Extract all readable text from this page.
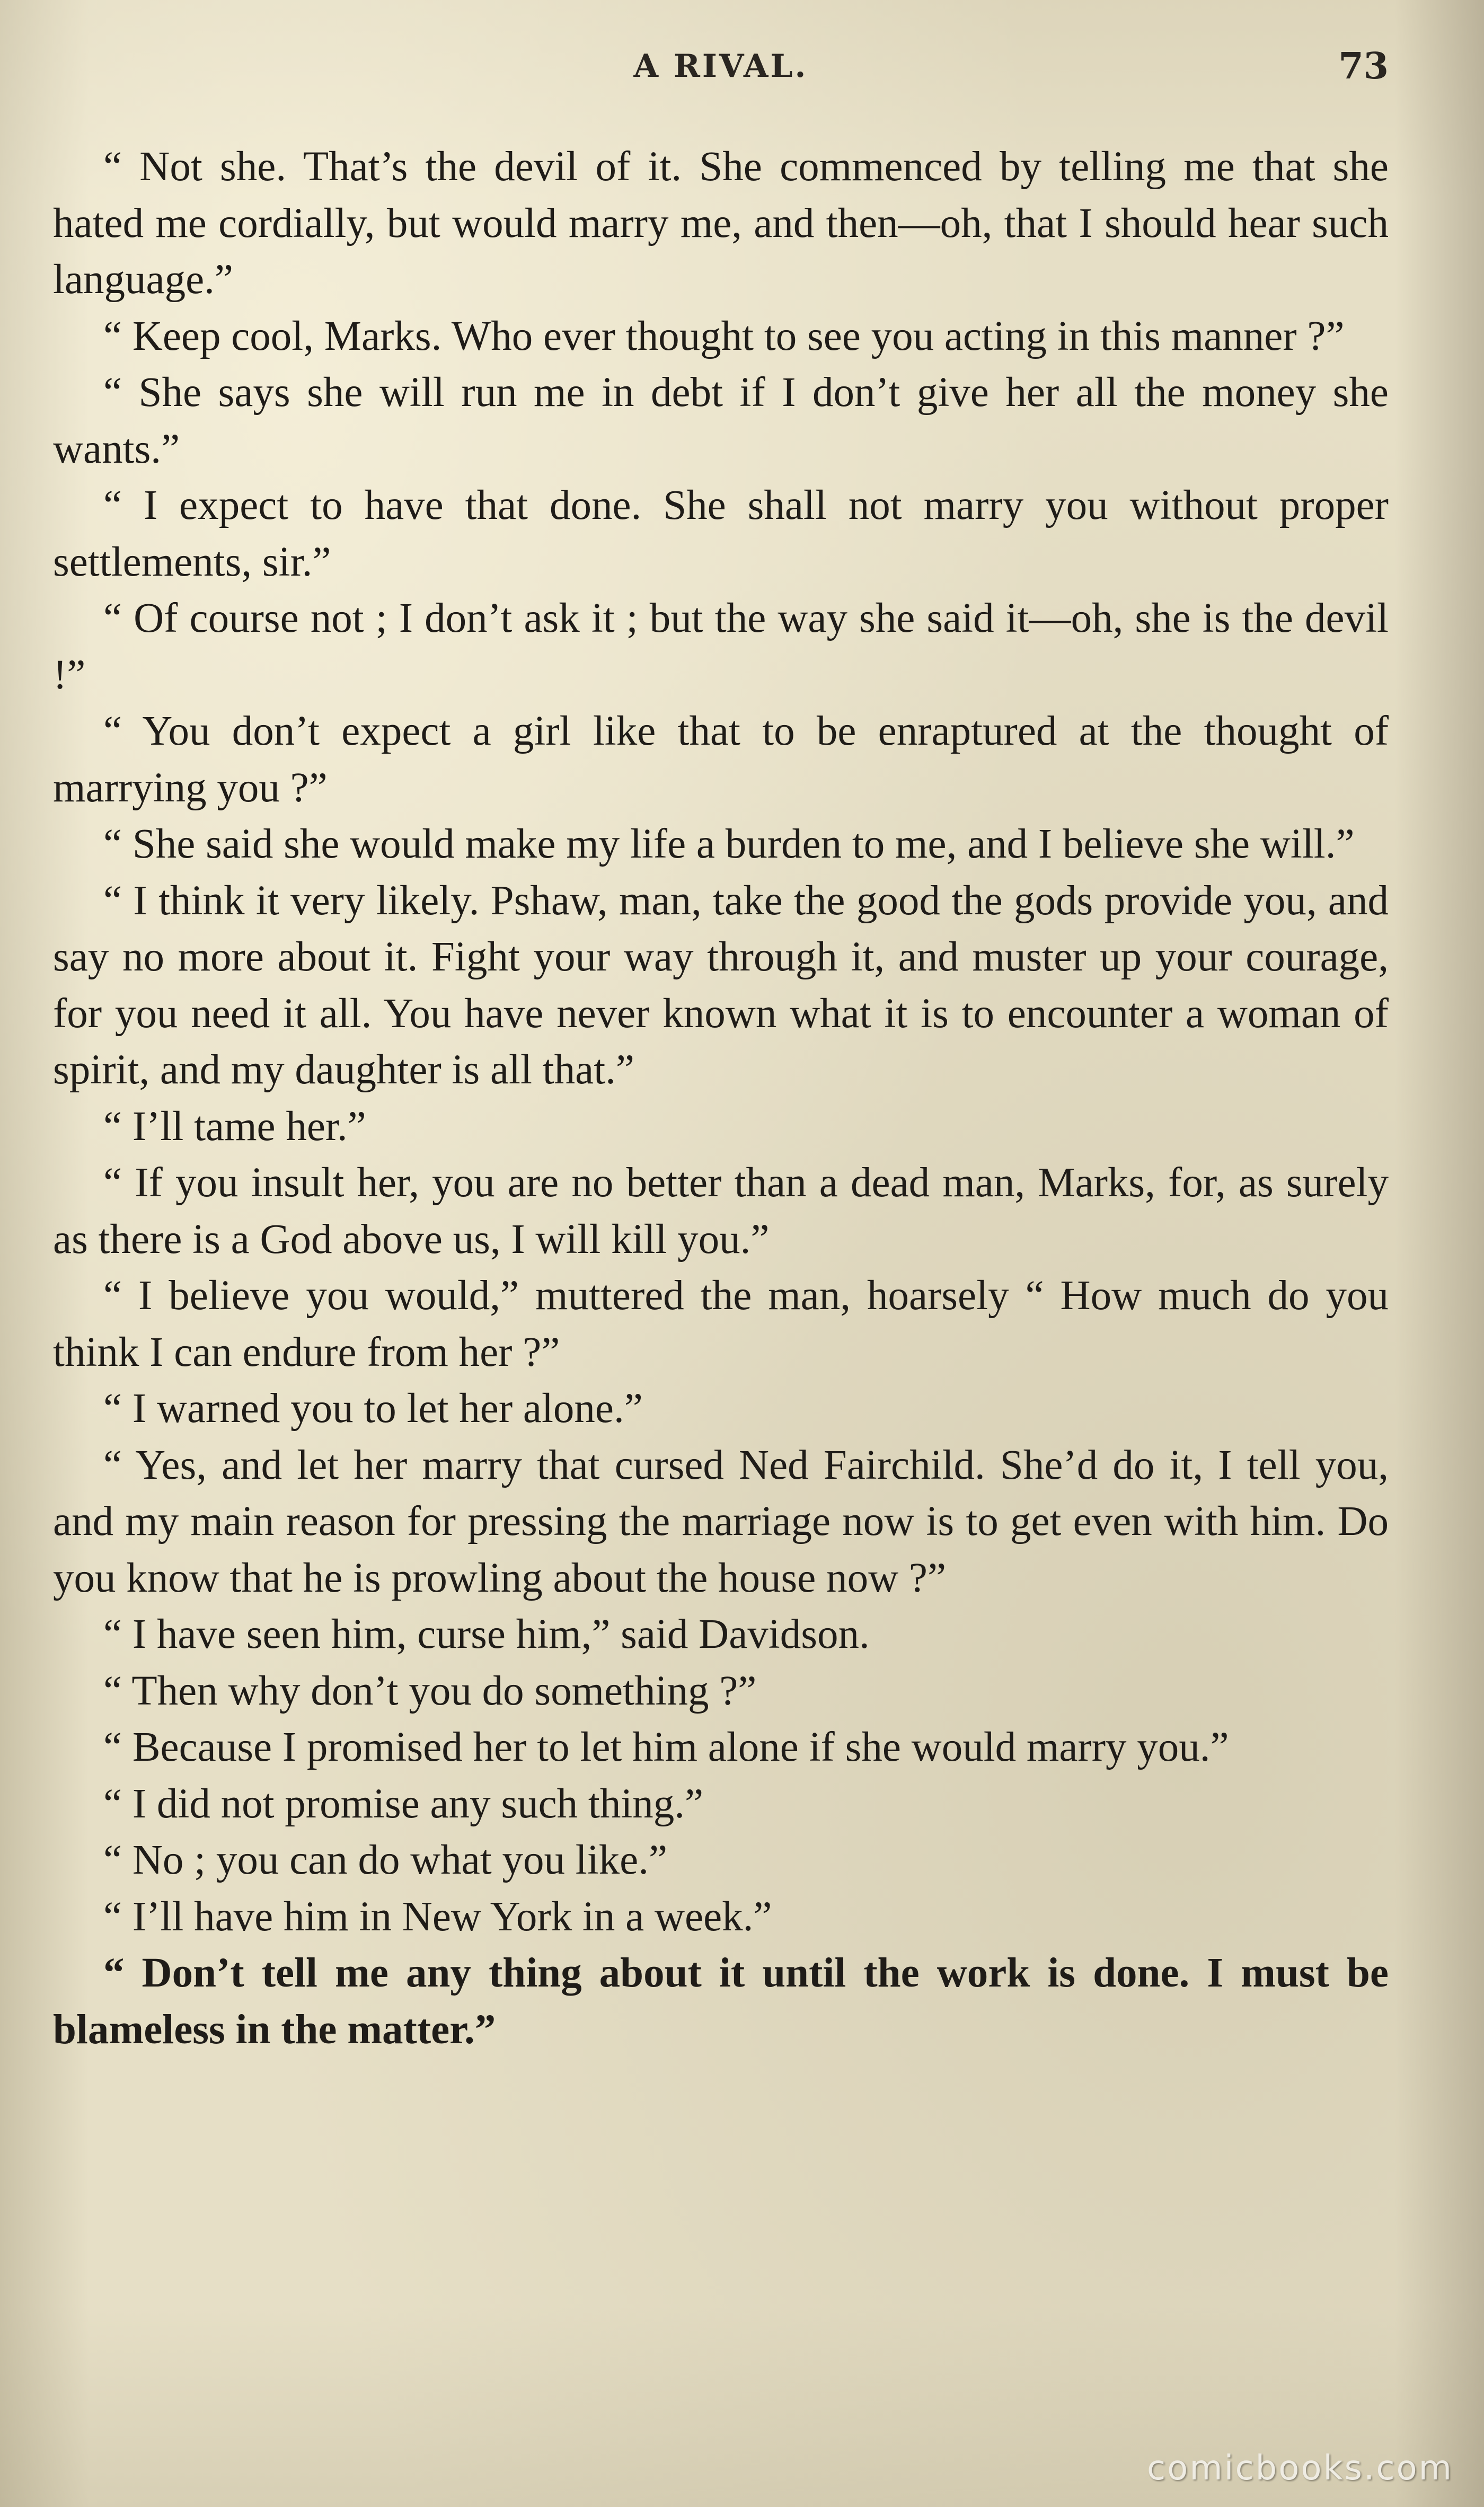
A RIVAL.	73

“ Not she. That’s the devil of it. She commenced by telling me that she hated me cordially, but would marry me, and then—oh, that I should hear such language.”

“ Keep cool, Marks. Who ever thought to see you acting in this manner ?”

“ She says she will run me in debt if I don’t give her all the money she wants.”

“ I expect to have that done. She shall not marry you without proper settlements, sir.”

“ Of course not ; I don’t ask it ; but the way she said it—oh, she is the devil !”

“ You don’t expect a girl like that to be enraptured at the thought of marrying you ?”

“ She said she would make my life a burden to me, and I believe she will.”

“ I think it very likely. Pshaw, man, take the good the gods provide you, and say no more about it. Fight your way through it, and muster up your courage, for you need it all. You have never known what it is to encounter a woman of spirit, and my daughter is all that.”

“ I’ll tame her.”

“ If you insult her, you are no better than a dead man, Marks, for, as surely as there is a God above us, I will kill you.”

“ I believe you would,” muttered the man, hoarsely “ How much do you think I can endure from her ?”

“ I warned you to let her alone.”

“ Yes, and let her marry that cursed Ned Fairchild. She’d do it, I tell you, and my main reason for pressing the marriage now is to get even with him. Do you know that he is prowling about the house now ?”

“ I have seen him, curse him,” said Davidson.

“ Then why don’t you do something ?”

“ Because I promised her to let him alone if she would marry you.”

“ I did not promise any such thing.”

“ No ; you can do what you like.”

“ I’ll have him in New York in a week.”

“ Don’t tell me any thing about it until the work is done. I must be blameless in the matter.”

comicbooks.com
